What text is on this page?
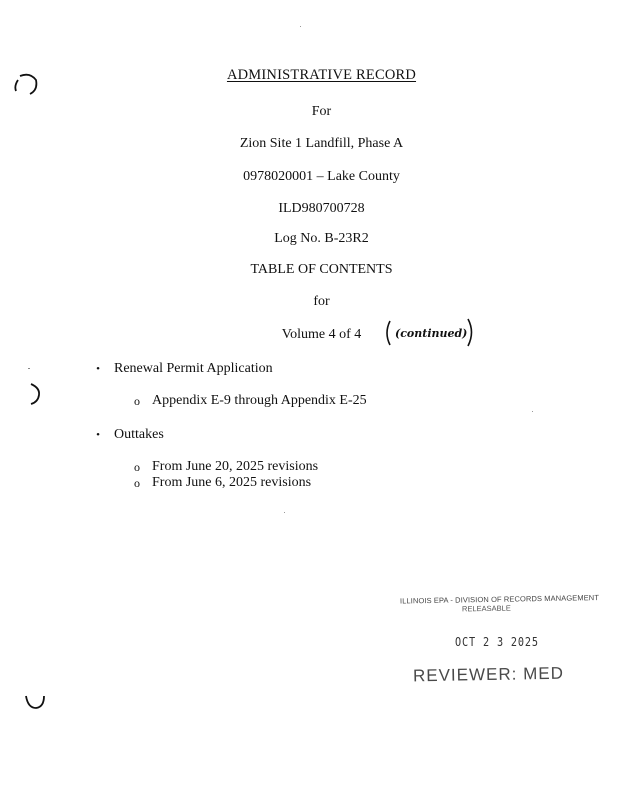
ADMINISTRATIVE RECORD
For
Zion Site 1 Landfill, Phase A
0978020001 – Lake County
ILD980700728
Log No. B-23R2
TABLE OF CONTENTS
for
Volume 4 of 4	(continued)
• Renewal Permit Application
o Appendix E-9 through Appendix E-25
• Outtakes
o From June 20, 2025 revisions
o From June 6, 2025 revisions
ILLINOIS EPA - DIVISION OF RECORDS MANAGEMENT
RELEASABLE
OCT 2 3 2025
REVIEWER: MED
